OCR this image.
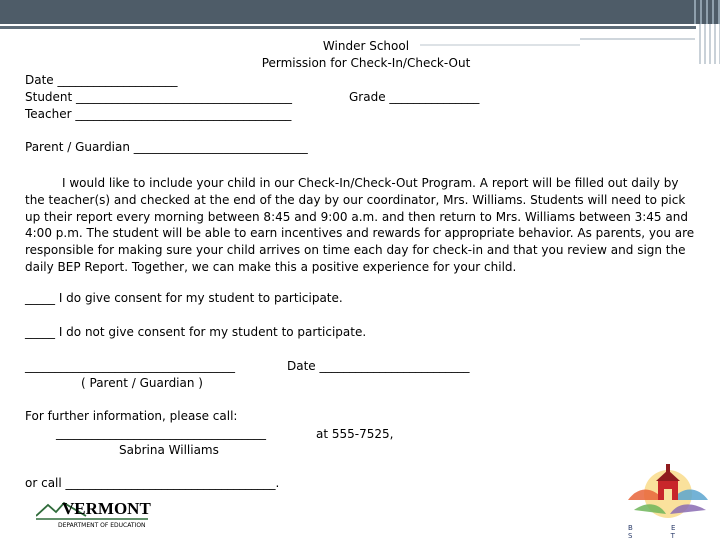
Winder School
Permission for Check-In/Check-Out
Date ____________________
Student ____________________________________	Grade _______________
Teacher ____________________________________
Parent / Guardian _____________________________
I would like to include your child in our Check-In/Check-Out Program. A report will be filled out daily by the teacher(s) and checked at the end of the day by our coordinator, Mrs. Williams. Students will need to pick up their report every morning between 8:45 and 9:00 a.m. and then return to Mrs. Williams between 3:45 and 4:00 p.m. The student will be able to earn incentives and rewards for appropriate behavior. As parents, you are responsible for making sure your child arrives on time each day for check-in and that you review and sign the daily BEP Report. Together, we can make this a positive experience for your child.
_____ I do give consent for my student to participate.
_____ I do not give consent for my student to participate.
___________________________________	Date _________________________
( Parent / Guardian )
For further information, please call:
___________________________________	at 555-7525,
Sabrina Williams
or call ___________________________________.
VERMONT
DEPARTMENT OF EDUCATION	B E S T
